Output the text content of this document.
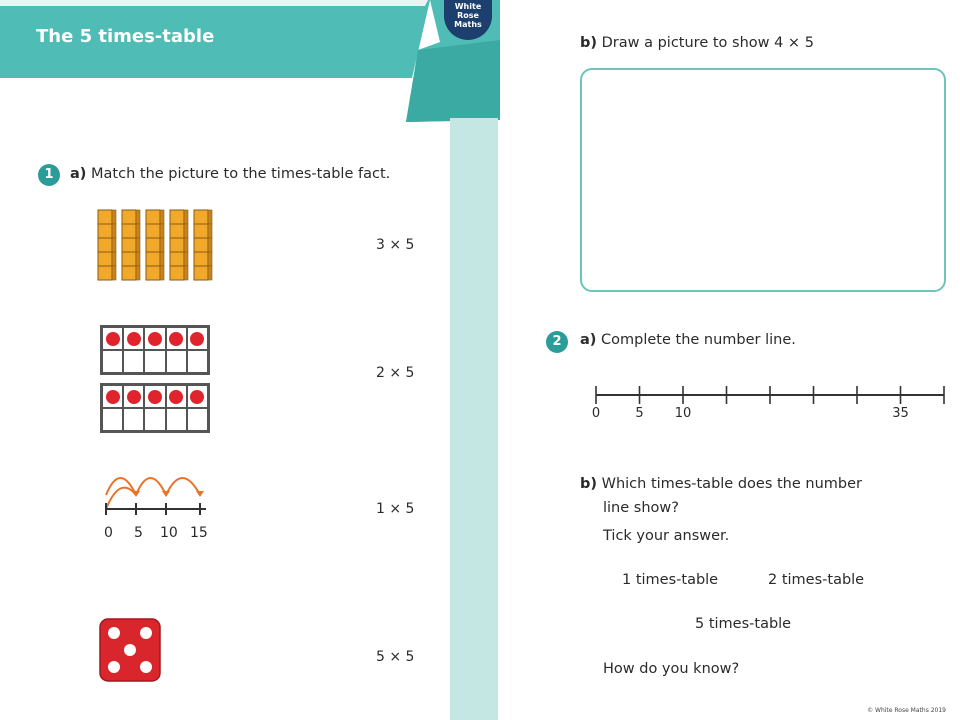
The 5 times-table
White
Rose
Maths
1	a) Match the picture to the times-table fact.
0 5 10 15
3 × 5
2 × 5
1 × 5
5 × 5
b) Draw a picture to show 4 × 5
2	a) Complete the number line.
0	5 10	35
b) Which times-table does the number
line show?
Tick your answer.
1 times-table	2 times-table
5 times-table
How do you know?
© White Rose Maths 2019
